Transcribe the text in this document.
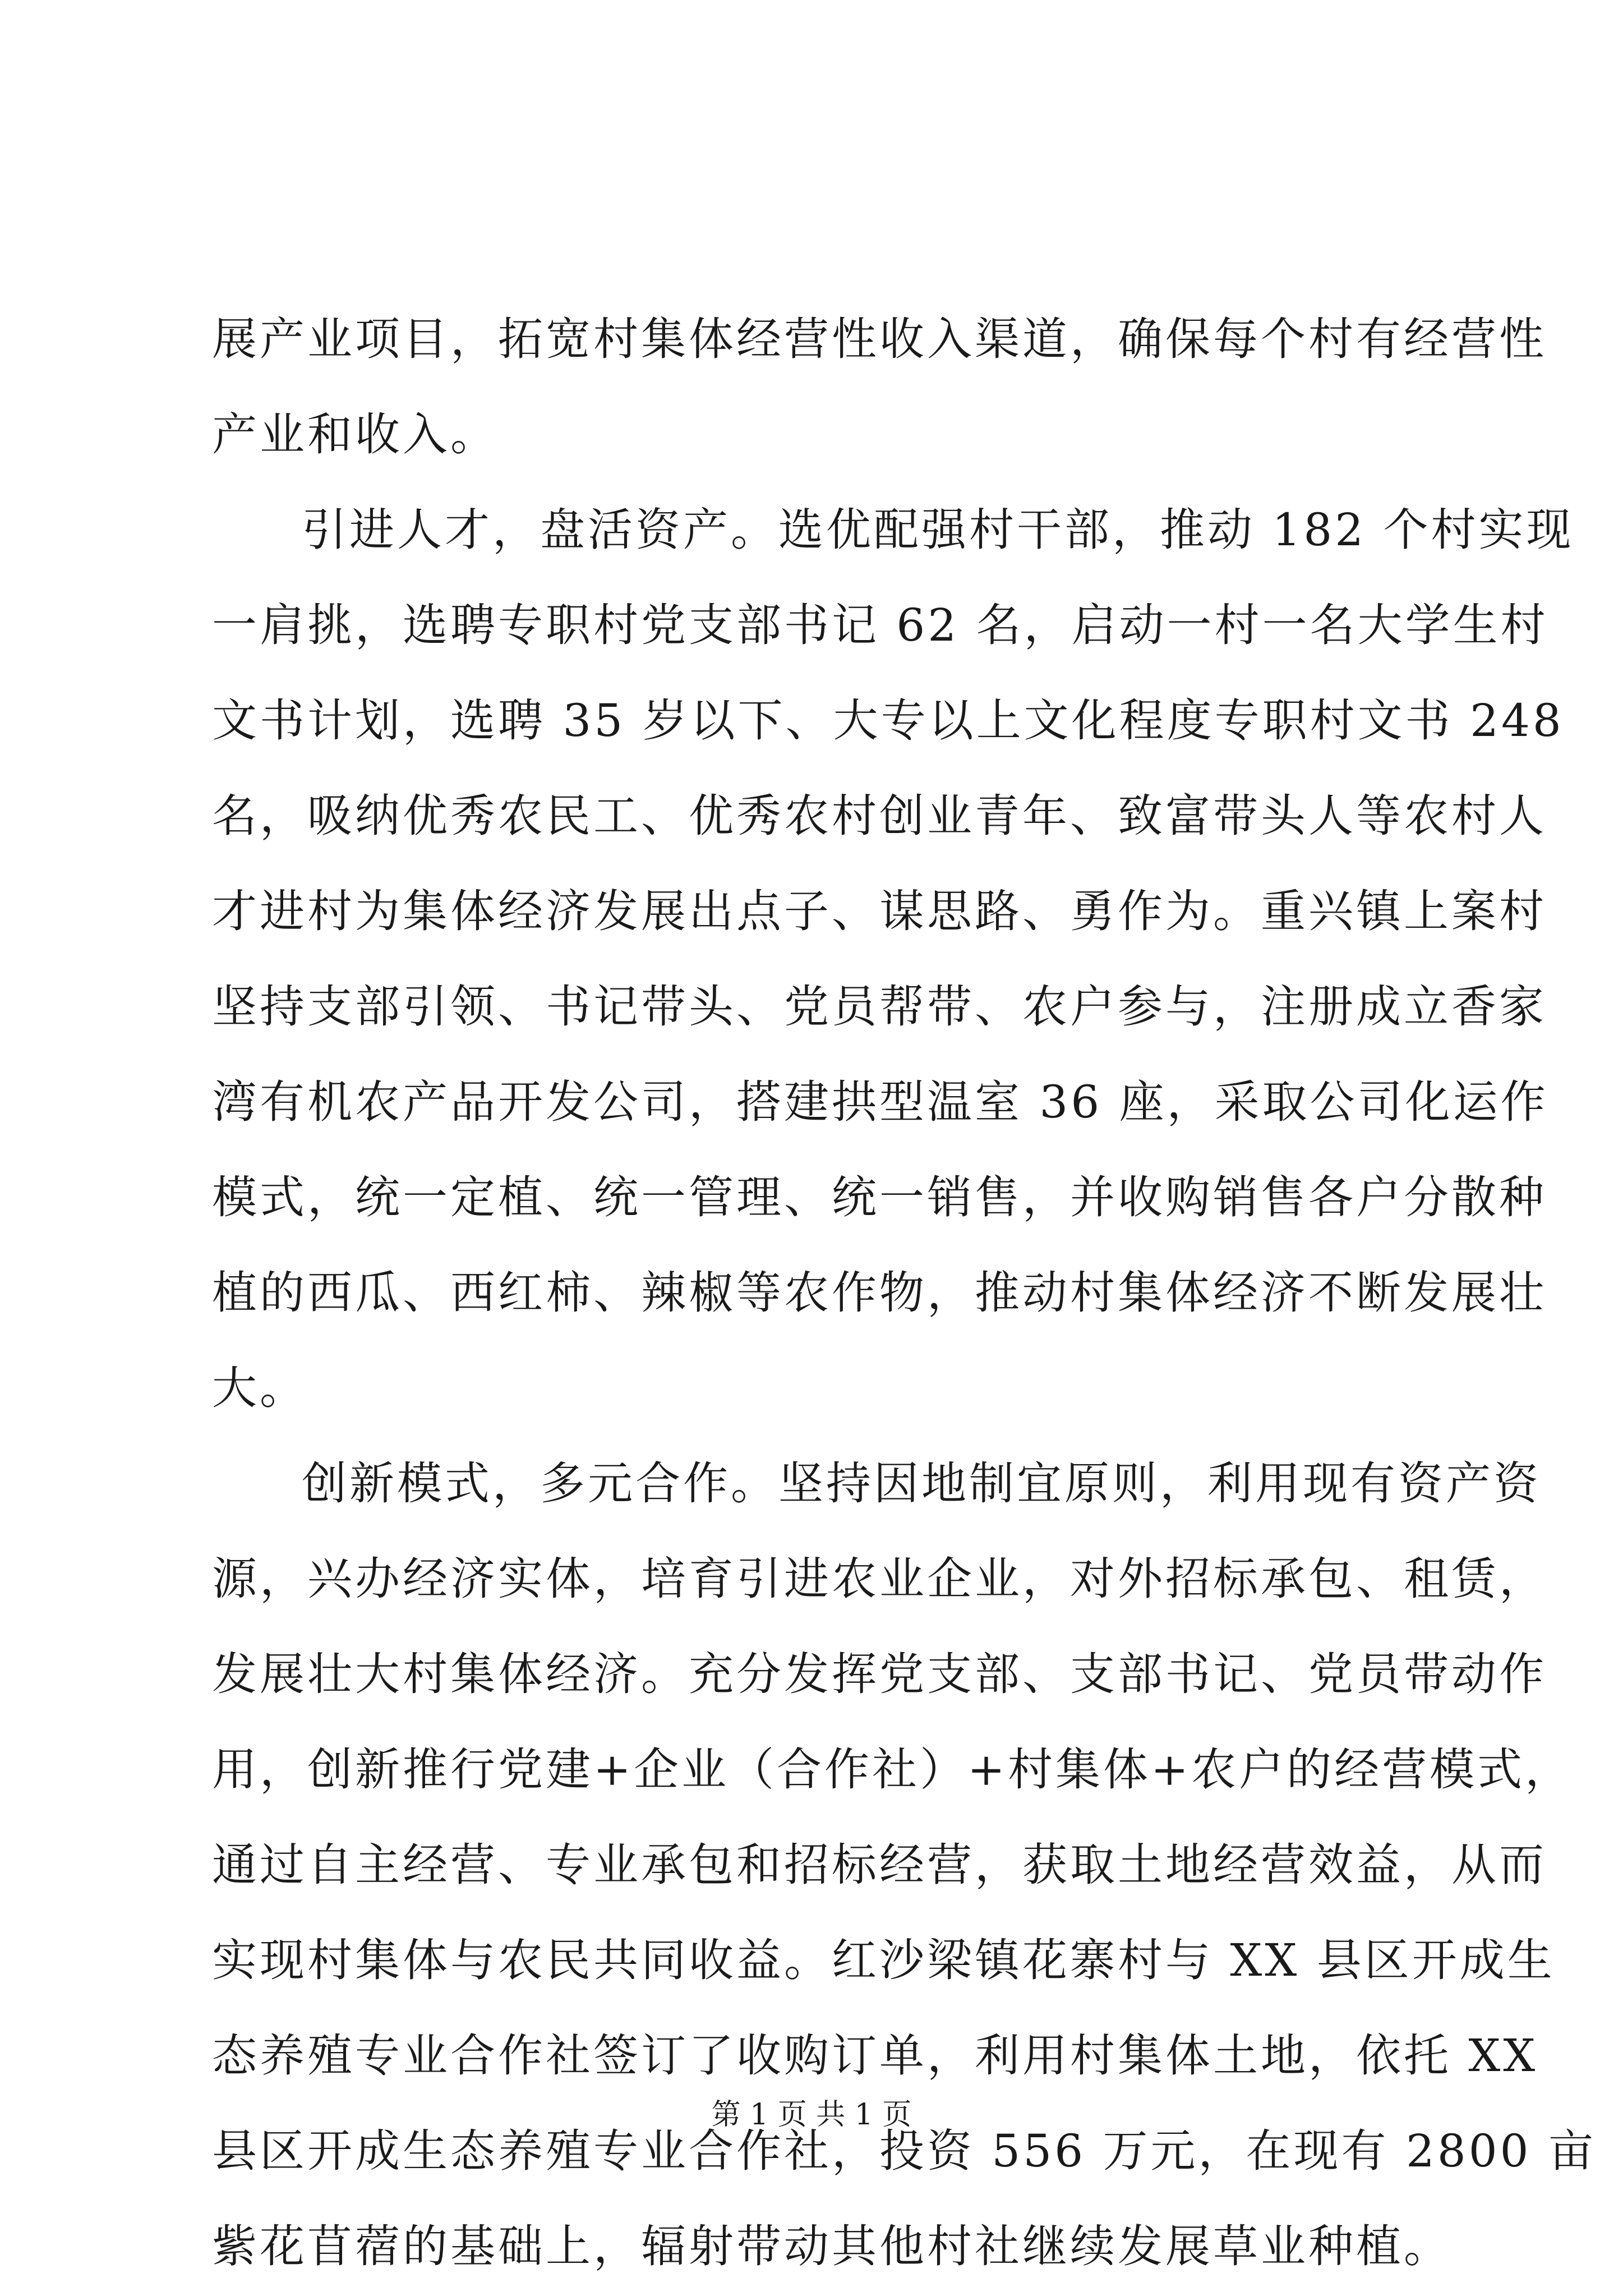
展产业项目，拓宽村集体经营性收入渠道，确保每个村有经营性
产业和收入。
引进人才，盘活资产。选优配强村干部，推动 182 个村实现
一肩挑，选聘专职村党支部书记 62 名，启动一村一名大学生村
文书计划，选聘 35 岁以下、大专以上文化程度专职村文书 248
名，吸纳优秀农民工、优秀农村创业青年、致富带头人等农村人
才进村为集体经济发展出点子、谋思路、勇作为。重兴镇上案村
坚持支部引领、书记带头、党员帮带、农户参与，注册成立香家
湾有机农产品开发公司，搭建拱型温室 36 座，采取公司化运作
模式，统一定植、统一管理、统一销售，并收购销售各户分散种
植的西瓜、西红柿、辣椒等农作物，推动村集体经济不断发展壮
大。
创新模式，多元合作。坚持因地制宜原则，利用现有资产资
源，兴办经济实体，培育引进农业企业，对外招标承包、租赁，
发展壮大村集体经济。充分发挥党支部、支部书记、党员带动作
用，创新推行党建+企业（合作社）+村集体+农户的经营模式，
通过自主经营、专业承包和招标经营，获取土地经营效益，从而
实现村集体与农民共同收益。红沙梁镇花寨村与 XX 县区开成生
态养殖专业合作社签订了收购订单，利用村集体土地，依托 XX
县区开成生态养殖专业合作社，投资 556 万元，在现有 2800 亩
紫花苜蓿的基础上，辐射带动其他村社继续发展草业种植。
第 1 页 共 1 页
